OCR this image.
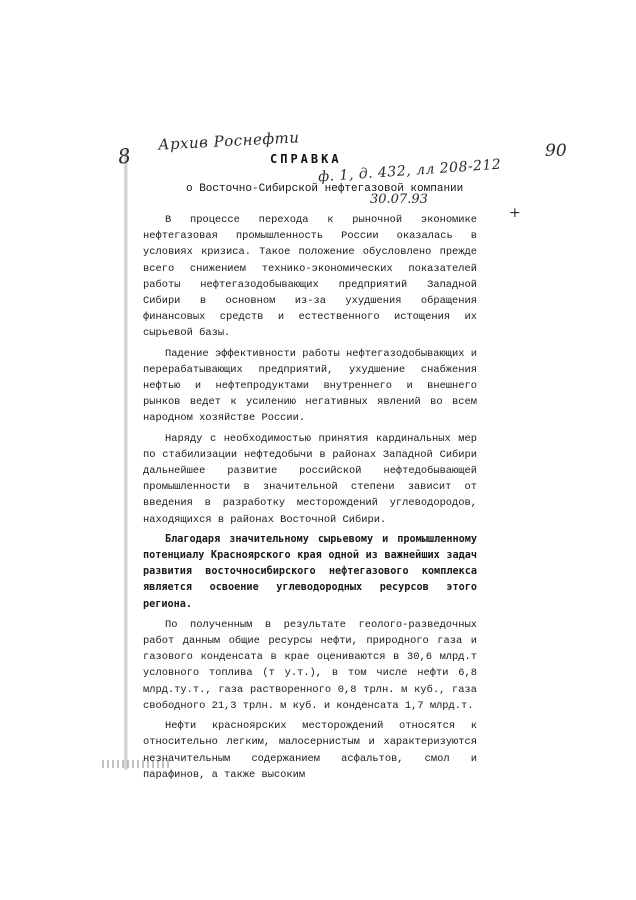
Архив Роснефти	90
ф. 1, д. 432, лл 208-212
30.07.93
+
8	СПРАВКА
о Восточно-Сибирской нефтегазовой компании

В процессе перехода к рыночной экономике нефтегазовая промышленность России оказалась в условиях кризиса. Такое положение обусловлено прежде всего снижением технико-экономических показателей работы нефтегазодобывающих предприятий Западной Сибири в основном из-за ухудшения обращения финансовых средств и естественного истощения их сырьевой базы.

Падение эффективности работы нефтегазодобывающих и перерабатывающих предприятий, ухудшение снабжения нефтью и нефтепродуктами внутреннего и внешнего рынков ведет к усилению негативных явлений во всем народном хозяйстве России.

Наряду с необходимостью принятия кардинальных мер по стабилизации нефтедобычи в районах Западной Сибири дальнейшее развитие российской нефтедобывающей промышленности в значительной степени зависит от введения в разработку месторождений углеводородов, находящихся в районах Восточной Сибири.

Благодаря значительному сырьевому и промышленному потенциалу Красноярского края одной из важнейших задач развития восточносибирского нефтегазового комплекса является освоение углеводородных ресурсов этого региона.

По полученным в результате геолого-разведочных работ данным общие ресурсы нефти, природного газа и газового конденсата в крае оцениваются в 30,6 млрд.т условного топлива (т у.т.), в том числе нефти 6,8 млрд.ту.т., газа растворенного 0,8 трлн. м куб., газа свободного 21,3 трлн. м куб. и конденсата 1,7 млрд.т.

Нефти красноярских месторождений относятся к относительно легким, малосернистым и характеризуются незначительным содержанием асфальтов, смол и парафинов, а также высоким
